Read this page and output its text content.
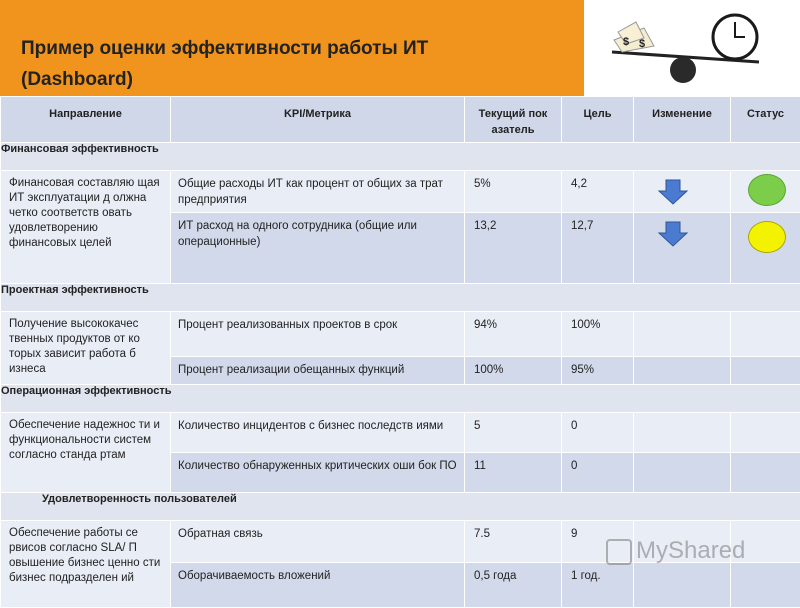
Пример оценки эффективности работы ИТ
(Dashboard)
$ $
Направление	KPI/Метрика	Текущий пок азатель	Цель	Изменение	Статус
Финансовая эффективность					

Финансовая составляю щая ИТ эксплуатации д олжна четко соответств овать удовлетворению финансовых целей	Общие расходы ИТ как процент от общих за трат предприятия	5%	4,2

	ИТ расход на одного сотрудника (общие или операционные)	13,2	12,7

Проектная эффективность					

Получение высококачес твенных продуктов от ко торых зависит работа б изнеса	Процент реализованных проектов в срок	94%	100%		

	Процент реализации обещанных функций	100%	95%		

Операционная эффективность					

Обеспечение надежнос ти и функциональности систем согласно станда ртам	Количество инцидентов с бизнес последств иями	5	0		

	Количество обнаруженных критических оши бок ПО	11	0		

Удовлетворенность пользователей					

Обеспечение работы се рвисов согласно SLA/ П овышение бизнес ценно сти бизнес подразделен ий	Обратная связь	7.5	9		

	Оборачиваемость вложений	0,5 года	1 год.		

MyShared
